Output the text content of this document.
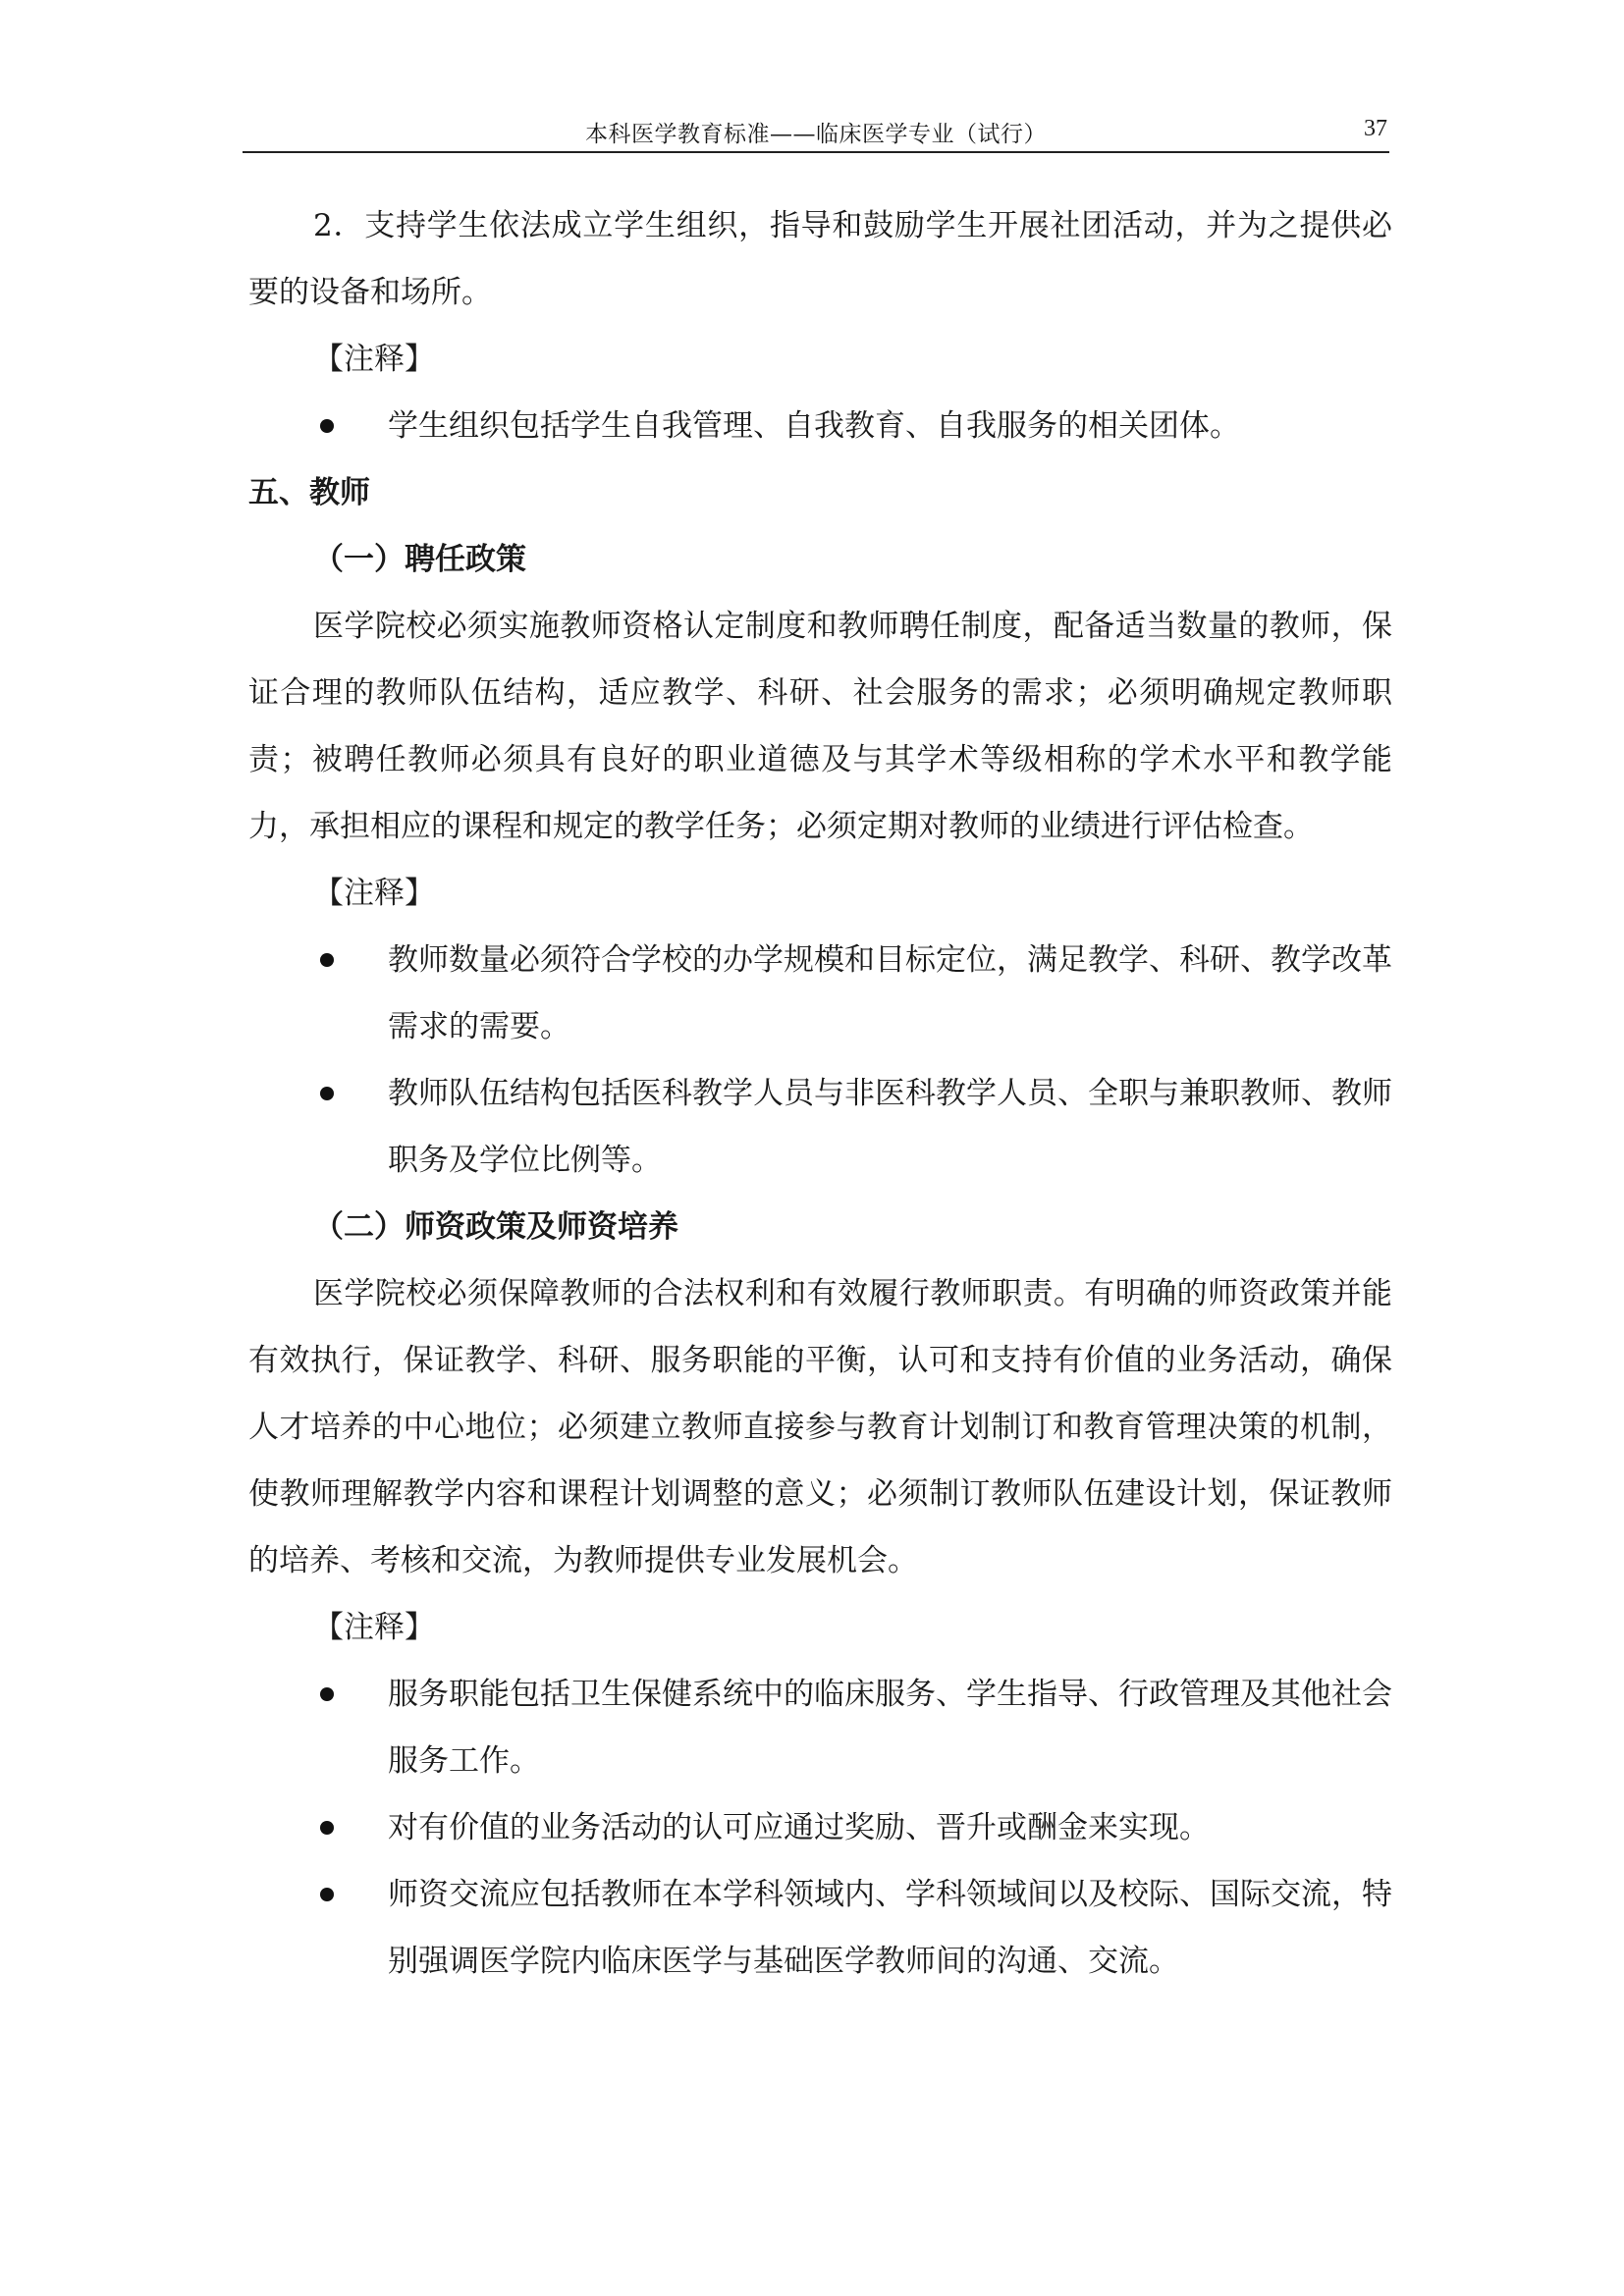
本科医学教育标准——临床医学专业（试行）	37

2．支持学生依法成立学生组织，指导和鼓励学生开展社团活动，并为之提供必要的设备和场所。

【注释】

学生组织包括学生自我管理、自我教育、自我服务的相关团体。

五、教师

（一）聘任政策

医学院校必须实施教师资格认定制度和教师聘任制度，配备适当数量的教师，保证合理的教师队伍结构，适应教学、科研、社会服务的需求；必须明确规定教师职责；被聘任教师必须具有良好的职业道德及与其学术等级相称的学术水平和教学能力，承担相应的课程和规定的教学任务；必须定期对教师的业绩进行评估检查。

【注释】

教师数量必须符合学校的办学规模和目标定位，满足教学、科研、教学改革需求的需要。
教师队伍结构包括医科教学人员与非医科教学人员、全职与兼职教师、教师职务及学位比例等。

（二）师资政策及师资培养

医学院校必须保障教师的合法权利和有效履行教师职责。有明确的师资政策并能有效执行，保证教学、科研、服务职能的平衡，认可和支持有价值的业务活动，确保人才培养的中心地位；必须建立教师直接参与教育计划制订和教育管理决策的机制，使教师理解教学内容和课程计划调整的意义；必须制订教师队伍建设计划，保证教师的培养、考核和交流，为教师提供专业发展机会。

【注释】

服务职能包括卫生保健系统中的临床服务、学生指导、行政管理及其他社会服务工作。
对有价值的业务活动的认可应通过奖励、晋升或酬金来实现。
师资交流应包括教师在本学科领域内、学科领域间以及校际、国际交流，特别强调医学院内临床医学与基础医学教师间的沟通、交流。
